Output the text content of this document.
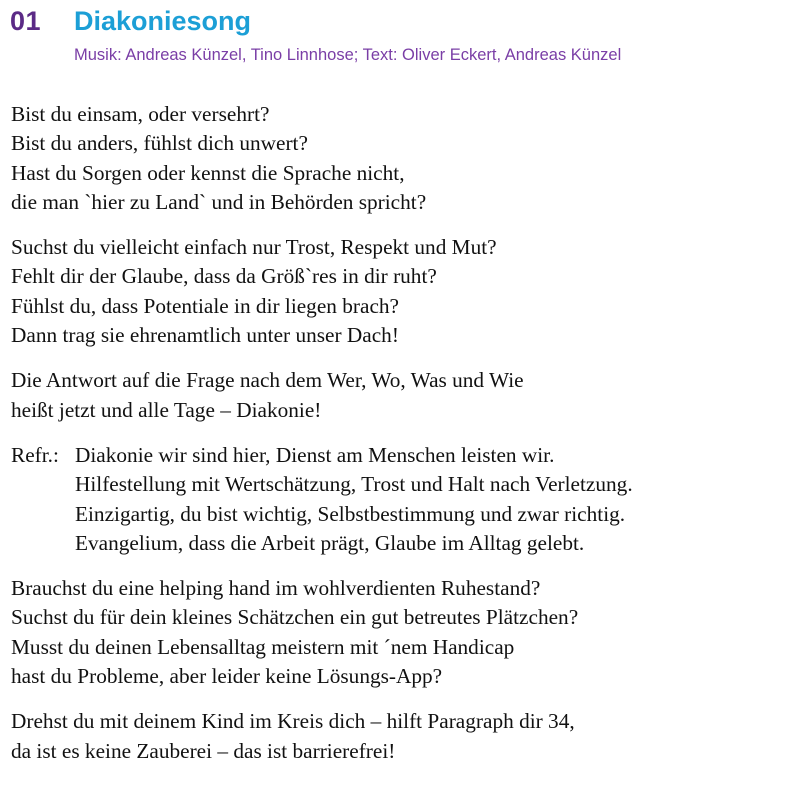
01 Diakoniesong
Musik: Andreas Künzel, Tino Linnhose; Text: Oliver Eckert, Andreas Künzel
Bist du einsam, oder versehrt?
Bist du anders, fühlst dich unwert?
Hast du Sorgen oder kennst die Sprache nicht,
die man `hier zu Land` und in Behörden spricht?
Suchst du vielleicht einfach nur Trost, Respekt und Mut?
Fehlt dir der Glaube, dass da Größ`res in dir ruht?
Fühlst du, dass Potentiale in dir liegen brach?
Dann trag sie ehrenamtlich unter unser Dach!
Die Antwort auf die Frage nach dem Wer, Wo, Was und Wie
heißt jetzt und alle Tage – Diakonie!
Refr.: Diakonie wir sind hier, Dienst am Menschen leisten wir.
Hilfestellung mit Wertschätzung, Trost und Halt nach Verletzung.
Einzigartig, du bist wichtig, Selbstbestimmung und zwar richtig.
Evangelium, dass die Arbeit prägt, Glaube im Alltag gelebt.
Brauchst du eine helping hand im wohlverdienten Ruhestand?
Suchst du für dein kleines Schätzchen ein gut betreutes Plätzchen?
Musst du deinen Lebensalltag meistern mit ´nem Handicap
hast du Probleme, aber leider keine Lösungs-App?
Drehst du mit deinem Kind im Kreis dich – hilft Paragraph dir 34,
da ist es keine Zauberei – das ist barrierefrei!
